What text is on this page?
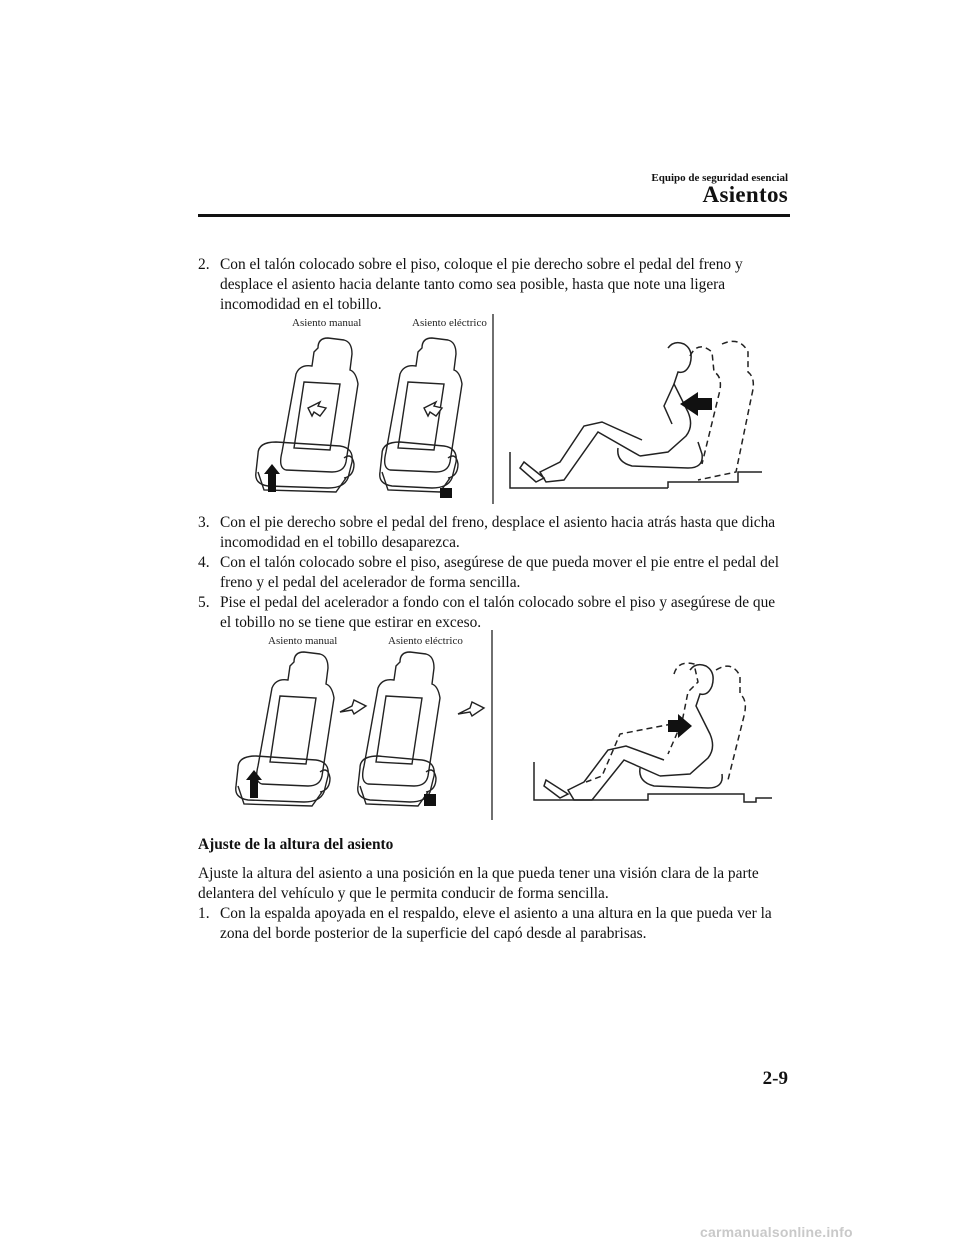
Equipo de seguridad esencial
Asientos
2. Con el talón colocado sobre el piso, coloque el pie derecho sobre el pedal del freno y desplace el asiento hacia delante tanto como sea posible, hasta que note una ligera incomodidad en el tobillo.
Asiento manual	Asiento eléctrico
3. Con el pie derecho sobre el pedal del freno, desplace el asiento hacia atrás hasta que dicha incomodidad en el tobillo desaparezca.
4. Con el talón colocado sobre el piso, asegúrese de que pueda mover el pie entre el pedal del freno y el pedal del acelerador de forma sencilla.
5. Pise el pedal del acelerador a fondo con el talón colocado sobre el piso y asegúrese de que el tobillo no se tiene que estirar en exceso.
Asiento manual	Asiento eléctrico
Ajuste de la altura del asiento
Ajuste la altura del asiento a una posición en la que pueda tener una visión clara de la parte delantera del vehículo y que le permita conducir de forma sencilla.
1. Con la espalda apoyada en el respaldo, eleve el asiento a una altura en la que pueda ver la zona del borde posterior de la superficie del capó desde al parabrisas.
2-9
carmanualsonline.info
